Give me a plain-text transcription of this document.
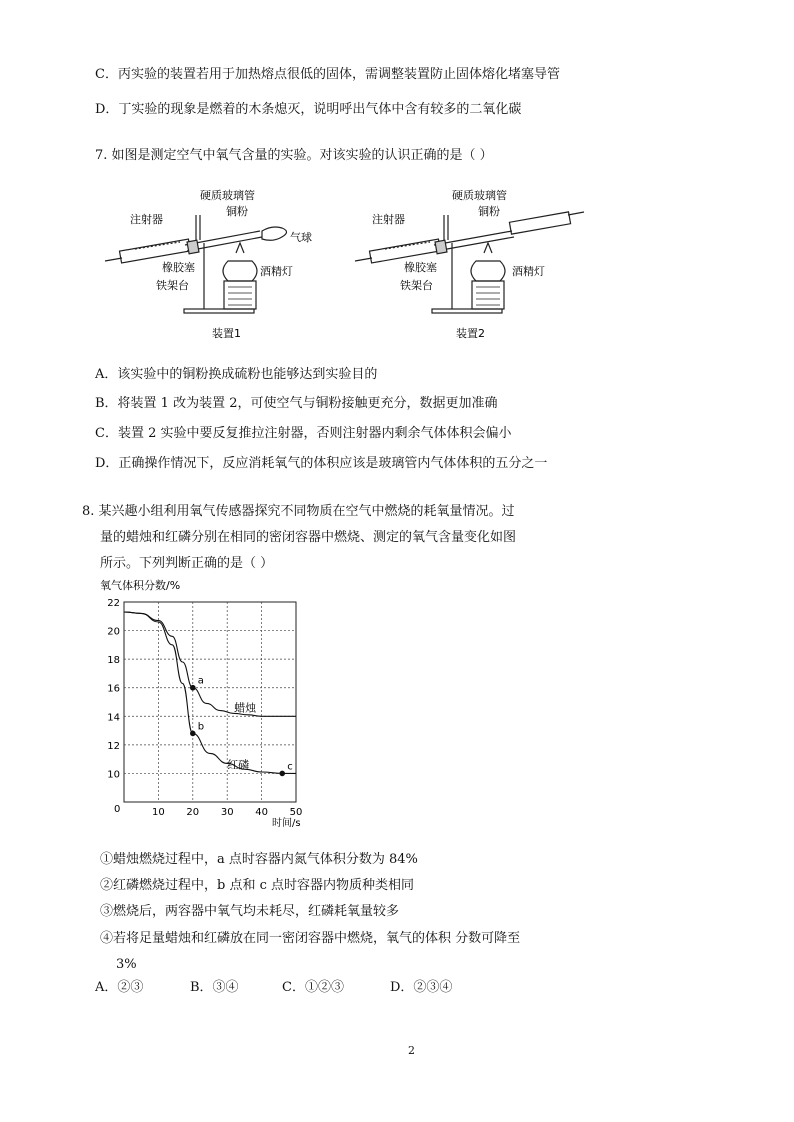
C．丙实验的装置若用于加热熔点很低的固体，需调整装置防止固体熔化堵塞导管
D．丁实验的现象是燃着的木条熄灭，说明呼出气体中含有较多的二氧化碳
7. 如图是测定空气中氧气含量的实验。对该实验的认识正确的是（ ）
硬质玻璃管
铜粉
注射器
气球
橡胶塞	酒精灯
铁架台
装置1
硬质玻璃管
铜粉
注射器
橡胶塞	酒精灯
铁架台
装置2
A．该实验中的铜粉换成硫粉也能够达到实验目的
B．将装置 1 改为装置 2，可使空气与铜粉接触更充分，数据更加准确
C．装置 2 实验中要反复推拉注射器，否则注射器内剩余气体体积会偏小
D．正确操作情况下，反应消耗氧气的体积应该是玻璃管内气体体积的五分之一
8. 某兴趣小组利用氧气传感器探究不同物质在空气中燃烧的耗氧量情况。过
量的蜡烛和红磷分别在相同的密闭容器中燃烧、测定的氧气含量变化如图
所示。下列判断正确的是（ ）
氧气体积分数/%
时间/s
0	10 20 30 40 50
10
12
14
16
18
20
22
蜡烛
红磷
a
b
c
①蜡烛燃烧过程中，a 点时容器内氮气体积分数为 84%
②红磷燃烧过程中，b 点和 c 点时容器内物质种类相同
③燃烧后，两容器中氧气均未耗尽，红磷耗氧量较多
④若将足量蜡烛和红磷放在同一密闭容器中燃烧，氧气的体积 分数可降至
3%
A．②③	B．③④	C．①②③	D．②③④
2
